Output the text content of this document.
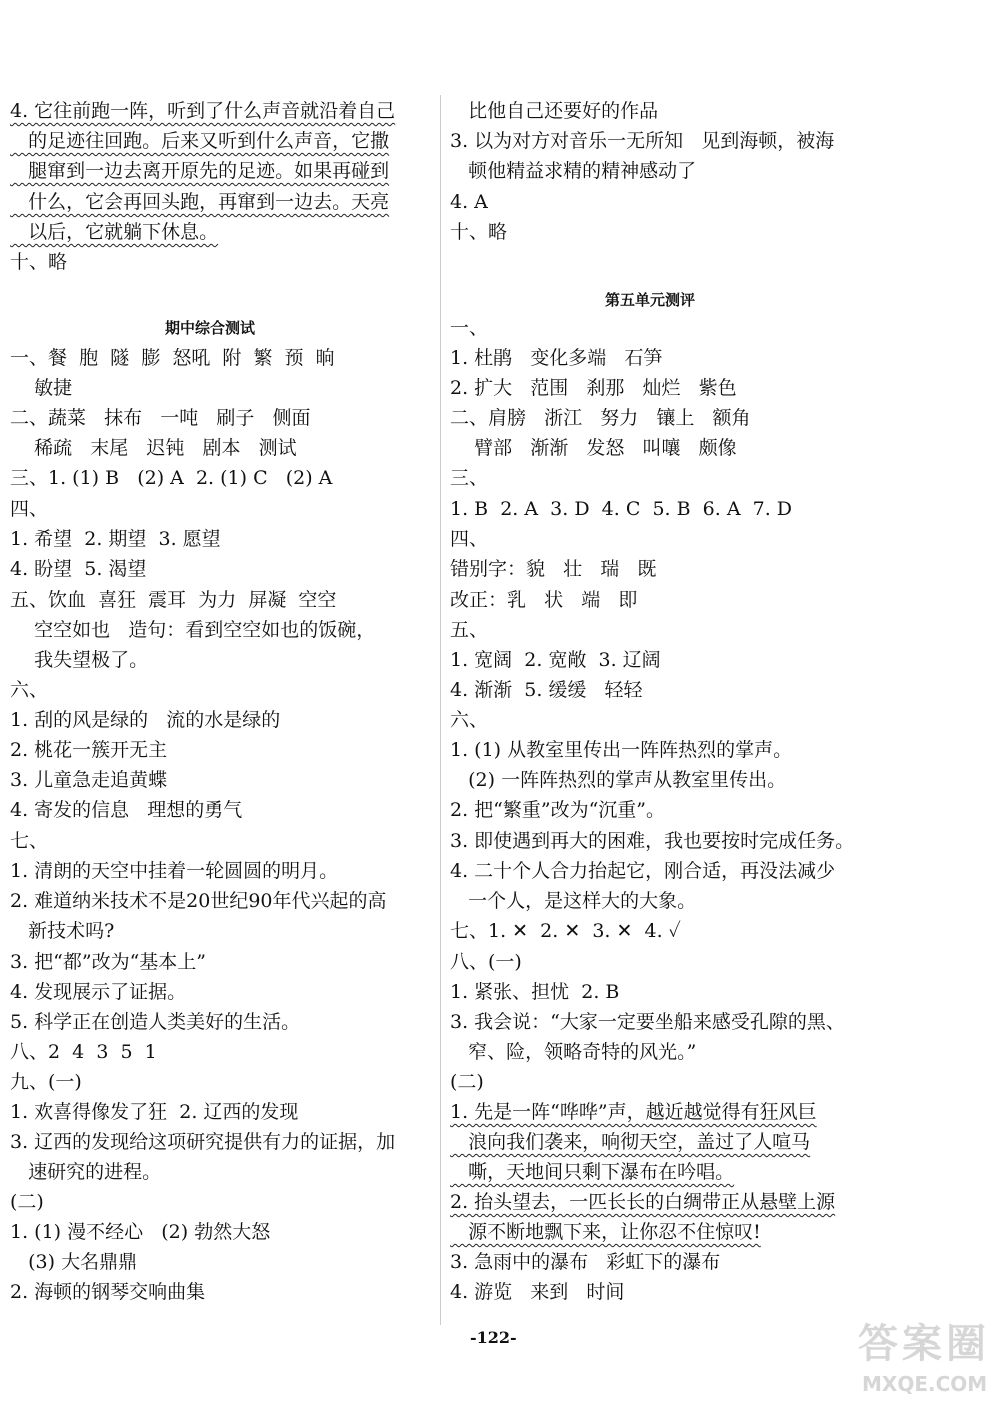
4. 它往前跑一阵，听到了什么声音就沿着自己
的足迹往回跑。后来又听到什么声音，它撒
腿窜到一边去离开原先的足迹。如果再碰到
什么，它会再回头跑，再窜到一边去。天亮
以后，它就躺下休息。
十、略
期中综合测试
一、餐  胞  隧  膨  怒吼  附  繁  预  晌
敏捷
二、蔬菜   抹布   一吨   刷子   侧面
稀疏   末尾   迟钝   剧本   测试
三、1. (1) B   (2) A  2. (1) C   (2) A
四、
1. 希望  2. 期望  3. 愿望
4. 盼望  5. 渴望
五、饮血  喜狂  震耳  为力  屏凝  空空
空空如也   造句：看到空空如也的饭碗，
我失望极了。
六、
1. 刮的风是绿的   流的水是绿的
2. 桃花一簇开无主
3. 儿童急走追黄蝶
4. 寄发的信息   理想的勇气
七、
1. 清朗的天空中挂着一轮圆圆的明月。
2. 难道纳米技术不是20世纪90年代兴起的高
新技术吗?
3. 把“都”改为“基本上”
4. 发现展示了证据。
5. 科学正在创造人类美好的生活。
八、2  4  3  5  1
九、(一)
1. 欢喜得像发了狂  2. 辽西的发现
3. 辽西的发现给这项研究提供有力的证据，加
速研究的进程。
(二)
1. (1) 漫不经心   (2) 勃然大怒
(3) 大名鼎鼎
2. 海顿的钢琴交响曲集
比他自己还要好的作品
3. 以为对方对音乐一无所知   见到海顿，被海
顿他精益求精的精神感动了
4. A
十、略
第五单元测评
一、
1. 杜鹃   变化多端   石笋
2. 扩大   范围   刹那   灿烂   紫色
二、肩膀   浙江   努力   镶上   额角
臂部   渐渐   发怒   叫嚷   颇像
三、
1. B  2. A  3. D  4. C  5. B  6. A  7. D
四、
错别字：貌   壮   瑞   既
改正：乳   状   端   即
五、
1. 宽阔  2. 宽敞  3. 辽阔
4. 渐渐  5. 缓缓   轻轻
六、
1. (1) 从教室里传出一阵阵热烈的掌声。
(2) 一阵阵热烈的掌声从教室里传出。
2. 把“繁重”改为“沉重”。
3. 即使遇到再大的困难，我也要按时完成任务。
4. 二十个人合力抬起它，刚合适，再没法减少
一个人，是这样大的大象。
七、1. ✕  2. ✕  3. ✕  4. ✓
八、(一)
1. 紧张、担忧  2. B
3. 我会说：“大家一定要坐船来感受孔隙的黑、
窄、险，领略奇特的风光。”
(二)
1. 先是一阵“哗哗”声，越近越觉得有狂风巨
浪向我们袭来，响彻天空，盖过了人喧马
嘶，天地间只剩下瀑布在吟唱。
2. 抬头望去，一匹长长的白绸带正从悬壁上源
源不断地飘下来，让你忍不住惊叹!
3. 急雨中的瀑布   彩虹下的瀑布
4. 游览   来到   时间
-122-	答案圈
MXQE.COM
